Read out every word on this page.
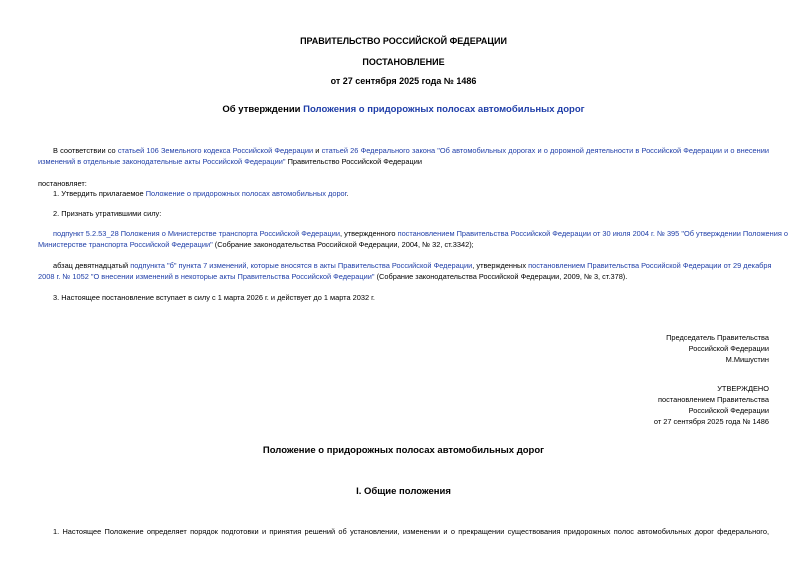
ПРАВИТЕЛЬСТВО РОССИЙСКОЙ ФЕДЕРАЦИИ
ПОСТАНОВЛЕНИЕ
от 27 сентября 2025 года № 1486
Об утверждении Положения о придорожных полосах автомобильных дорог
В соответствии со статьей 106 Земельного кодекса Российской Федерации и статьей 26 Федерального закона "Об автомобильных дорогах и о дорожной деятельности в Российской Федерации и о внесении
изменений в отдельные законодательные акты Российской Федерации" Правительство Российской Федерации
постановляет:
1. Утвердить прилагаемое Положение о придорожных полосах автомобильных дорог.
2. Признать утратившими силу:
подпункт 5.2.53_28 Положения о Министерстве транспорта Российской Федерации, утвержденного постановлением Правительства Российской Федерации от 30 июля 2004 г. № 395 "Об утверждении Положения о
Министерстве транспорта Российской Федерации" (Собрание законодательства Российской Федерации, 2004, № 32, ст.3342);
абзац девятнадцатый подпункта "б" пункта 7 изменений, которые вносятся в акты Правительства Российской Федерации, утвержденных постановлением Правительства Российской Федерации от 29 декабря
2008 г. № 1052 "О внесении изменений в некоторые акты Правительства Российской Федерации" (Собрание законодательства Российской Федерации, 2009, № 3, ст.378).
3. Настоящее постановление вступает в силу с 1 марта 2026 г. и действует до 1 марта 2032 г.
Председатель Правительства
Российской Федерации
М.Мишустин
УТВЕРЖДЕНО
постановлением Правительства
Российской Федерации
от 27 сентября 2025 года № 1486
Положение о придорожных полосах автомобильных дорог
I. Общие положения
1. Настоящее Положение определяет порядок подготовки и принятия решений об установлении, изменении и о прекращении существования придорожных полос автомобильных дорог федерального,
